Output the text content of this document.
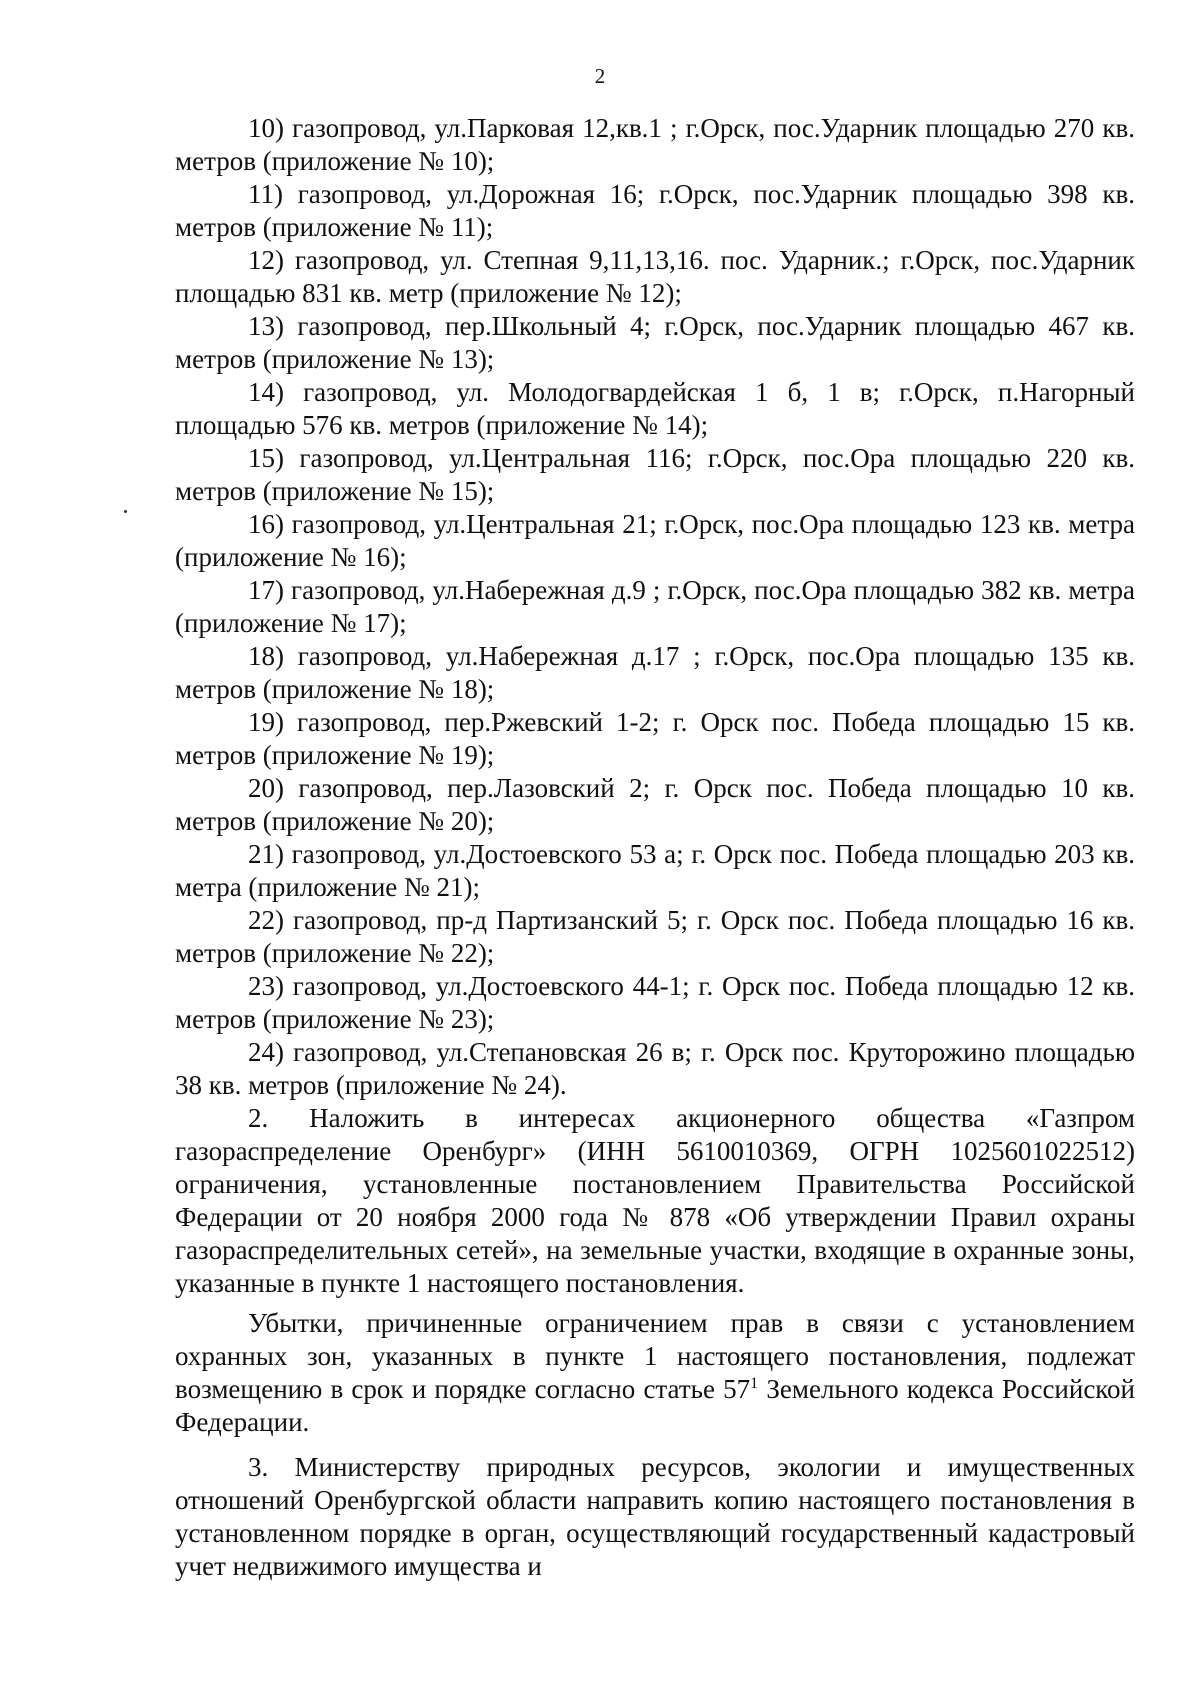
2

10) газопровод, ул.Парковая 12,кв.1 ; г.Орск, пос.Ударник площадью 270 кв. метров (приложение № 10);

11) газопровод, ул.Дорожная 16; г.Орск, пос.Ударник площадью 398 кв. метров (приложение № 11);

12) газопровод, ул. Степная 9,11,13,16. пос. Ударник.; г.Орск, пос.Ударник площадью 831 кв. метр (приложение № 12);

13) газопровод, пер.Школьный 4; г.Орск, пос.Ударник площадью 467 кв. метров (приложение № 13);

14) газопровод, ул. Молодогвардейская 1 б, 1 в; г.Орск, п.Нагорный площадью 576 кв. метров (приложение № 14);

15) газопровод, ул.Центральная 116; г.Орск, пос.Ора площадью 220 кв. метров (приложение № 15);

16) газопровод, ул.Центральная 21; г.Орск, пос.Ора площадью 123 кв. метра (приложение № 16);

17) газопровод, ул.Набережная д.9 ; г.Орск, пос.Ора площадью 382 кв. метра (приложение № 17);

18) газопровод, ул.Набережная д.17 ; г.Орск, пос.Ора площадью 135 кв. метров (приложение № 18);

19) газопровод, пер.Ржевский 1-2; г. Орск пос. Победа площадью 15 кв. метров (приложение № 19);

20) газопровод, пер.Лазовский 2; г. Орск пос. Победа площадью 10 кв. метров (приложение № 20);

21) газопровод, ул.Достоевского 53 а; г. Орск пос. Победа площадью 203 кв. метра (приложение № 21);

22) газопровод, пр-д Партизанский 5; г. Орск пос. Победа площадью 16 кв. метров (приложение № 22);

23) газопровод, ул.Достоевского 44-1; г. Орск пос. Победа площадью 12 кв. метров (приложение № 23);

24) газопровод, ул.Степановская 26 в; г. Орск пос. Круторожино площадью 38 кв. метров (приложение № 24).

2. Наложить в интересах акционерного общества «Газпром газораспределение Оренбург» (ИНН 5610010369, ОГРН 1025601022512) ограничения, установленные постановлением Правительства Российской Федерации от 20 ноября 2000 года № 878 «Об утверждении Правил охраны газораспределительных сетей», на земельные участки, входящие в охранные зоны, указанные в пункте 1 настоящего постановления.

Убытки, причиненные ограничением прав в связи с установлением охранных зон, указанных в пункте 1 настоящего постановления, подлежат возмещению в срок и порядке согласно статье $57^1$ Земельного кодекса Российской Федерации.

3. Министерству природных ресурсов, экологии и имущественных отношений Оренбургской области направить копию настоящего постановления в установленном порядке в орган, осуществляющий государственный кадастровый учет недвижимого имущества и
